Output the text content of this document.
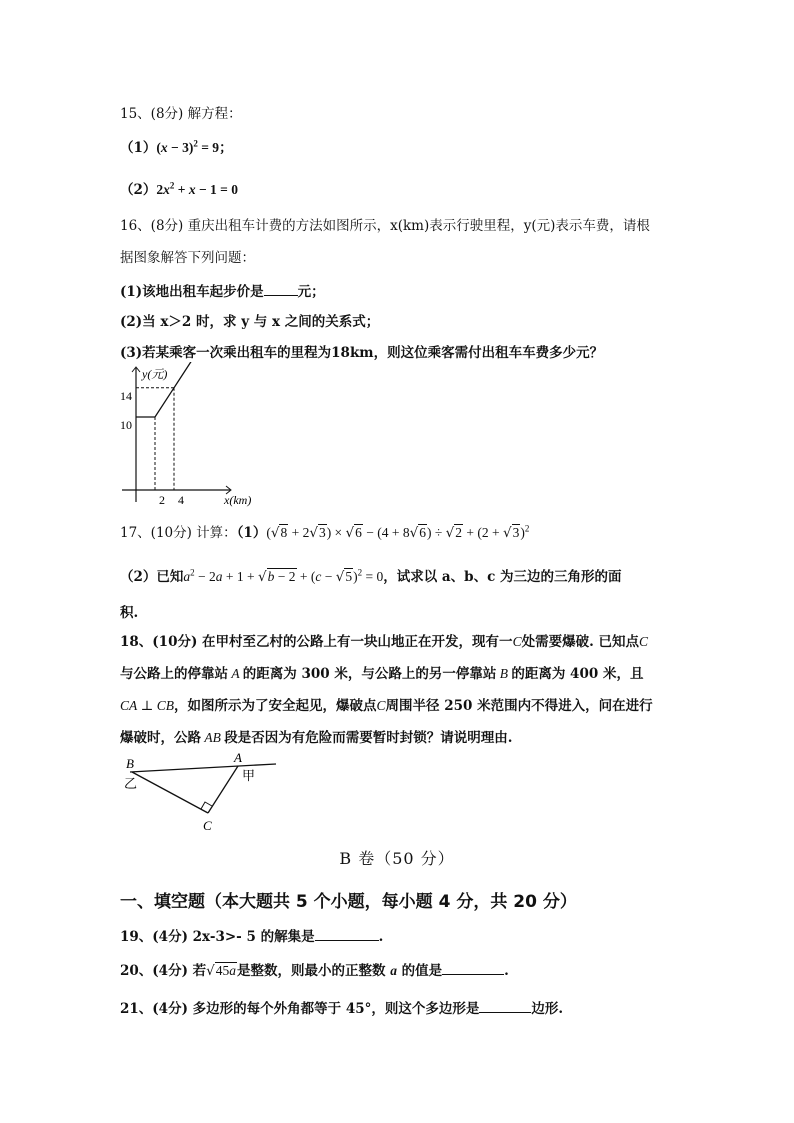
15、(8分) 解方程：
$(1)(x - 3)^2 = 9$；
$(2)2x^2 + x - 1 = 0$
16、(8分) 重庆出租车计费的方法如图所示，x(km)表示行驶里程，y(元)表示车费，请根
据图象解答下列问题：
(1)该地出租车起步价是	元；
(2)当 x＞2 时，求 y 与 x 之间的关系式；
(3)若某乘客一次乘出租车的里程为18km，则这位乘客需付出租车车费多少元？
y(元)
x(km)
14
10
2 4
17、(10分) 计算：$(1)(√8 + 2√3) \times √6 - (4 + 8√6) \div √2 + (2 + √3)^2$
（2）已知$a^2 - 2a + 1 + √b - 2 + (c - √5)^2 = 0$，试求以 a、b、c 为三边的三角形的面
积.
18、(10分) 在甲村至乙村的公路上有一块山地正在开发，现有一C处需要爆破. 已知点C
与公路上的停靠站 A 的距离为 300 米，与公路上的另一停靠站 B 的距离为 400 米，且
CA ⊥ CB，如图所示为了安全起见，爆破点C周围半径 250 米范围内不得进入，问在进行
爆破时，公路 AB 段是否因为有危险而需要暂时封锁？请说明理由.
B	A
C
乙
甲
B 卷（50 分）
一、填空题（本大题共 5 个小题，每小题 4 分，共 20 分）
19、(4分) 2x-3>- 5 的解集是	.
20、(4分) 若√45a是整数，则最小的正整数 a 的值是	.
21、(4分) 多边形的每个外角都等于 45°，则这个多边形是	边形.
